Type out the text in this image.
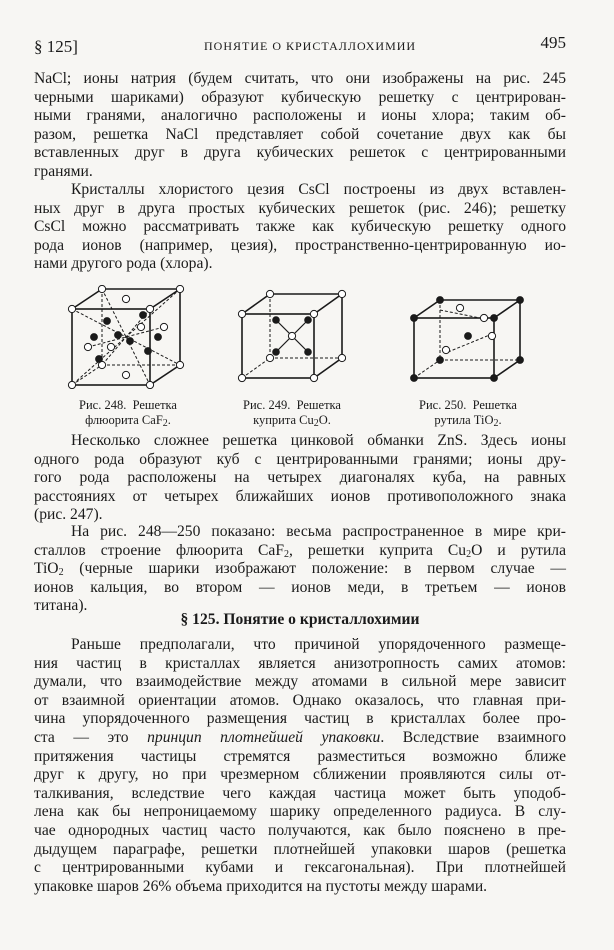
§ 125]	ПОНЯТИЕ О КРИСТАЛЛОХИМИИ	495

NaCl; ионы натрия (будем считать, что они изображены на рис. 245

черными шариками) образуют кубическую решетку с центрирован-

ными гранями, аналогично расположены и ионы хлора; таким об-

разом, решетка NaCl представляет собой сочетание двух как бы

вставленных друг в друга кубических решеток с центрированными

гранями.

Кристаллы хлористого цезия CsCl построены из двух вставлен-

ных друг в друга простых кубических решеток (рис. 246); решетку

CsCl можно рассматривать также как кубическую решетку одного

рода ионов (например, цезия), пространственно-центрированную ио-

нами другого рода (хлора).

Рис. 248. Решетка
флюорита CaF$_2$.
Рис. 249. Решетка
куприта $Cu_2O$.
Рис. 250. Решетка
рутила TiO$_2$.

Несколько сложнее решетка цинковой обманки ZnS. Здесь ионы

одного рода образуют куб с центрированными гранями; ионы дру-

гого рода расположены на четырех диагоналях куба, на равных

расстояниях от четырех ближайших ионов противоположного знака

(рис. 247).

На рис. 248—250 показано: весьма распространенное в мире кри-

сталлов строение флюорита CaF$_2$, решетки куприта $Cu_2O$ и рутила

TiO$_2$ (черные шарики изображают положение: в первом случае —

ионов кальция, во втором — ионов меди, в третьем — ионов

титана).

§ 125. Понятие о кристаллохимии

Раньше предполагали, что причиной упорядоченного размеще-

ния частиц в кристаллах является анизотропность самих атомов:

думали, что взаимодействие между атомами в сильной мере зависит

от взаимной ориентации атомов. Однако оказалось, что главная при-

чина упорядоченного размещения частиц в кристаллах более про-

ста — это принцип плотнейшей упаковки. Вследствие взаимного

притяжения частицы стремятся разместиться возможно ближе

друг к другу, но при чрезмерном сближении проявляются силы от-

талкивания, вследствие чего каждая частица может быть уподоб-

лена как бы непроницаемому шарику определенного радиуса. В слу-

чае однородных частиц часто получаются, как было пояснено в пре-

дыдущем параграфе, решетки плотнейшей упаковки шаров (решетка

с центрированными кубами и гексагональная). При плотнейшей

упаковке шаров 26% объема приходится на пустоты между шарами.
